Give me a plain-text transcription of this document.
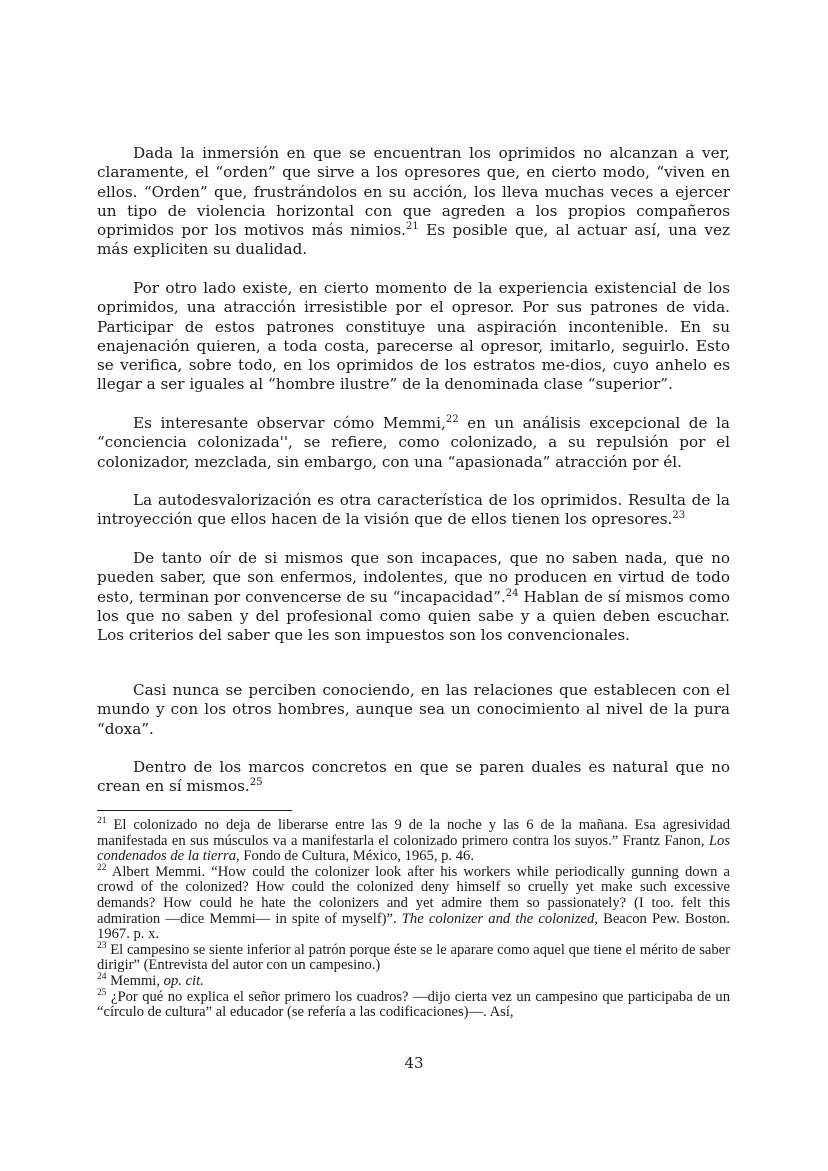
Dada la inmersión en que se encuentran los oprimidos no alcanzan a ver, claramente, el “orden” que sirve a los opresores que, en cierto modo, “viven en ellos. “Orden” que, frustrándolos en su acción, los lleva muchas veces a ejercer un tipo de violencia horizontal con que agreden a los propios compañeros oprimidos por los motivos más nimios.$^{21}$ Es posible que, al actuar así, una vez más expliciten su dualidad.

Por otro lado existe, en cierto momento de la experiencia existencial de los oprimidos, una atracción irresistible por el opresor. Por sus patrones de vida. Participar de estos patrones constituye una aspiración incontenible. En su enajenación quieren, a toda costa, parecerse al opresor, imitarlo, seguirlo. Esto se verifica, sobre todo, en los oprimidos de los estratos me-dios, cuyo anhelo es llegar a ser iguales al “hombre ilustre” de la denominada clase “superior”.

Es interesante observar cómo Memmi,$^{22}$ en un análisis excepcional de la “conciencia colonizada'', se refiere, como colonizado, a su repulsión por el colonizador, mezclada, sin embargo, con una “apasionada” atracción por él.

La autodesvalorización es otra característica de los oprimidos. Resulta de la introyección que ellos hacen de la visión que de ellos tienen los opresores.$^{23}$

De tanto oír de si mismos que son incapaces, que no saben nada, que no pueden saber, que son enfermos, indolentes, que no producen en virtud de todo esto, terminan por convencerse de su “incapacidad”.$^{24}$ Hablan de sí mismos como los que no saben y del profesional como quien sabe y a quien deben escuchar. Los criterios del saber que les son impuestos son los convencionales.

Casi nunca se perciben conociendo, en las relaciones que establecen con el mundo y con los otros hombres, aunque sea un conocimiento al nivel de la pura “doxa”.

Dentro de los marcos concretos en que se paren duales es natural que no crean en sí mismos.$^{25}$

$^{21}$ El colonizado no deja de liberarse entre las 9 de la noche y las 6 de la mañana. Esa agresividad manifestada en sus músculos va a manifestarla el colonizado primero contra los suyos.” Frantz Fanon, Los condenados de la tierra, Fondo de Cultura, México, 1965, p. 46.

$^{22}$ Albert Memmi. “How could the colonizer look after his workers while periodically gunning down a crowd of the colonized? How could the colonized deny himself so cruelly yet make such excessive demands? How could he hate the colonizers and yet admire them so passionately? (I too. felt this admiration —dice Memmi— in spite of myself)”. The colonizer and the colonized, Beacon Pew. Boston. 1967. p. x.

$^{23}$ El campesino se siente inferior al patrón porque éste se le aparare como aquel que tiene el mérito de saber dirigir” (Entrevista del autor con un campesino.)

$^{24}$ Memmi, op. cit.

$^{25}$ ¿Por qué no explica el señor primero los cuadros? —dijo cierta vez un campesino que participaba de un “círculo de cultura” al educador (se refería a las codificaciones)—. Así,

43
